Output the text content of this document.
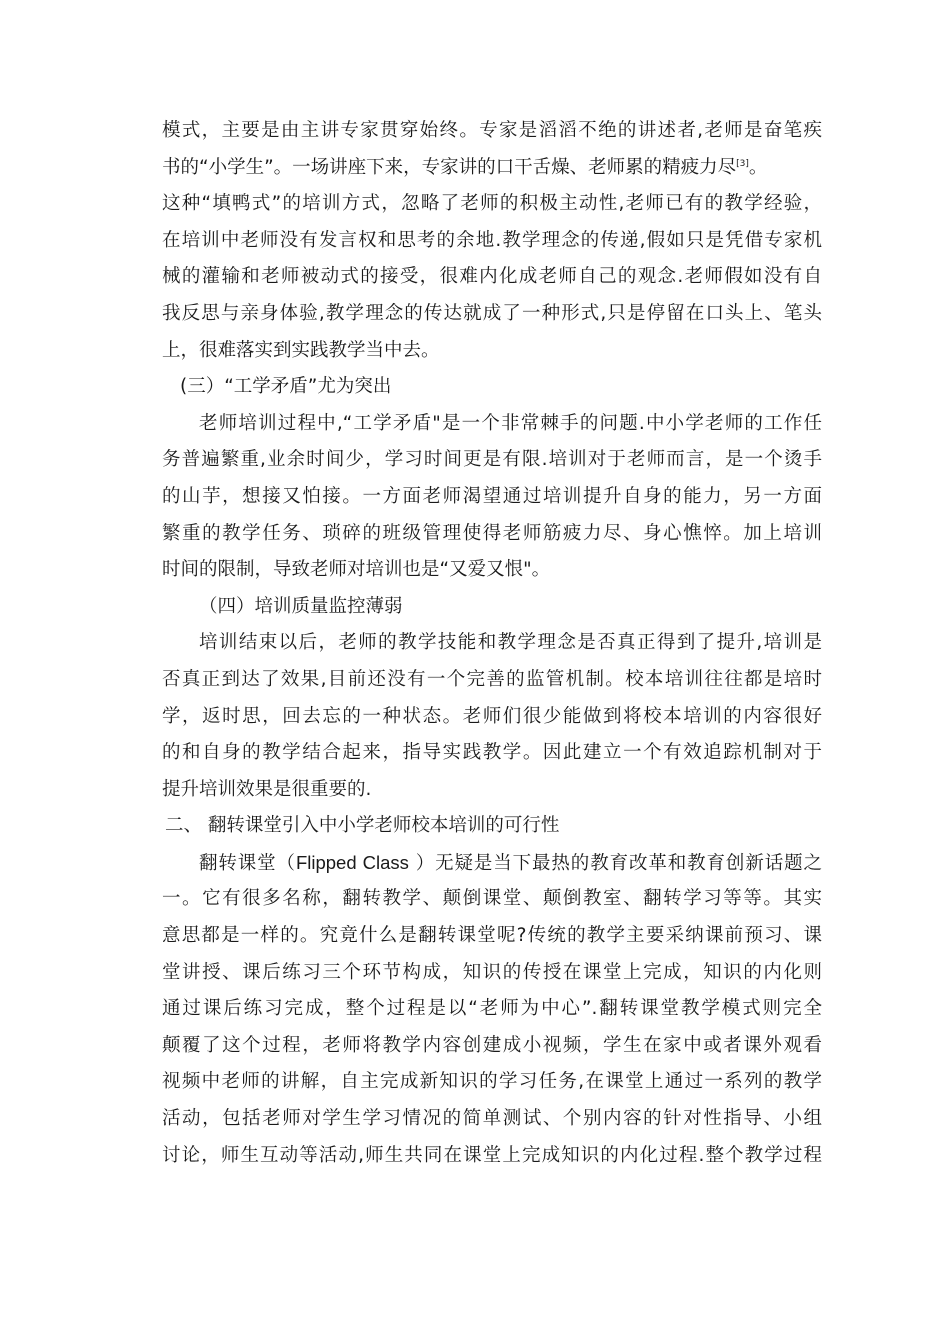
模式，主要是由主讲专家贯穿始终。专家是滔滔不绝的讲述者,老师是奋笔疾
书的“小学生”。一场讲座下来，专家讲的口干舌燥、老师累的精疲力尽[3]。
这种“填鸭式”的培训方式，忽略了老师的积极主动性,老师已有的教学经验，
在培训中老师没有发言权和思考的余地.教学理念的传递,假如只是凭借专家机
械的灌输和老师被动式的接受，很难内化成老师自己的观念.老师假如没有自
我反思与亲身体验,教学理念的传达就成了一种形式,只是停留在口头上、笔头
上，很难落实到实践教学当中去。
(三）“工学矛盾”尤为突出
老师培训过程中,“工学矛盾"是一个非常棘手的问题.中小学老师的工作任
务普遍繁重,业余时间少，学习时间更是有限.培训对于老师而言，是一个烫手
的山芋，想接又怕接。一方面老师渴望通过培训提升自身的能力，另一方面
繁重的教学任务、琐碎的班级管理使得老师筋疲力尽、身心憔悴。加上培训
时间的限制，导致老师对培训也是“又爱又恨"。
（四）培训质量监控薄弱
培训结束以后，老师的教学技能和教学理念是否真正得到了提升,培训是
否真正到达了效果,目前还没有一个完善的监管机制。校本培训往往都是培时
学，返时思，回去忘的一种状态。老师们很少能做到将校本培训的内容很好
的和自身的教学结合起来，指导实践教学。因此建立一个有效追踪机制对于
提升培训效果是很重要的.
二、 翻转课堂引入中小学老师校本培训的可行性
翻转课堂（Flipped Class ）无疑是当下最热的教育改革和教育创新话题之
一。它有很多名称，翻转教学、颠倒课堂、颠倒教室、翻转学习等等。其实
意思都是一样的。究竟什么是翻转课堂呢?传统的教学主要采纳课前预习、课
堂讲授、课后练习三个环节构成，知识的传授在课堂上完成，知识的内化则
通过课后练习完成，整个过程是以“老师为中心”.翻转课堂教学模式则完全
颠覆了这个过程，老师将教学内容创建成小视频，学生在家中或者课外观看
视频中老师的讲解，自主完成新知识的学习任务,在课堂上通过一系列的教学
活动，包括老师对学生学习情况的简单测试、个别内容的针对性指导、小组
讨论，师生互动等活动,师生共同在课堂上完成知识的内化过程.整个教学过程
